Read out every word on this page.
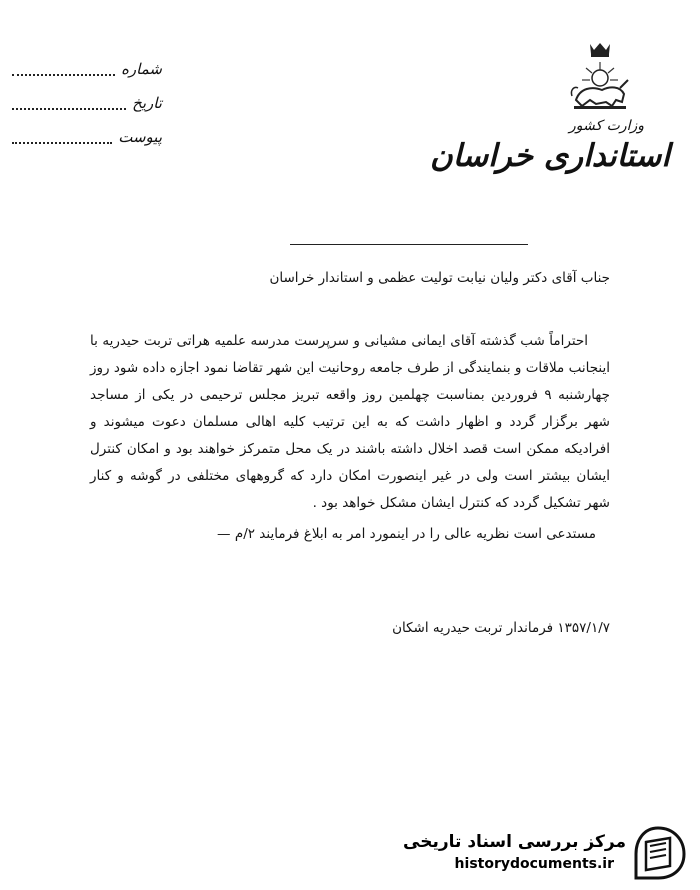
شماره
تاریخ
پیوست
وزارت کشور
استانداری خراسان
جناب آقای دکتر ولیان نیابت تولیت عظمی و استاندار خراسان

احتراماً شب گذشته آقای ایمانی مشیانی و سرپرست مدرسه علمیه هراتی تربت حیدریه با اینجانب ملاقات و بنمایندگی از طرف جامعه روحانیت این شهر تقاضا نمود اجازه داده شود روز چهارشنبه ۹ فروردین بمناسبت چهلمین روز واقعه تبریز مجلس ترحیمی در یکی از مساجد شهر برگزار گردد و اظهار داشت که به این ترتیب کلیه اهالی مسلمان دعوت میشوند و افرادیکه ممکن است قصد اخلال داشته باشند در یک محل متمرکز خواهند بود و امکان کنترل ایشان بیشتر است ولی در غیر اینصورت امکان دارد که گروههای مختلفی در گوشه و کنار شهر تشکیل گردد که کنترل ایشان مشکل خواهد بود .

مستدعی است نظریه عالی را در اینمورد امر به ابلاغ فرمایند ۲/م —

۱۳۵۷/۱/۷ فرماندار تربت حیدریه اشکان
مرکز بررسی اسناد تاریخی
historydocuments.ir
